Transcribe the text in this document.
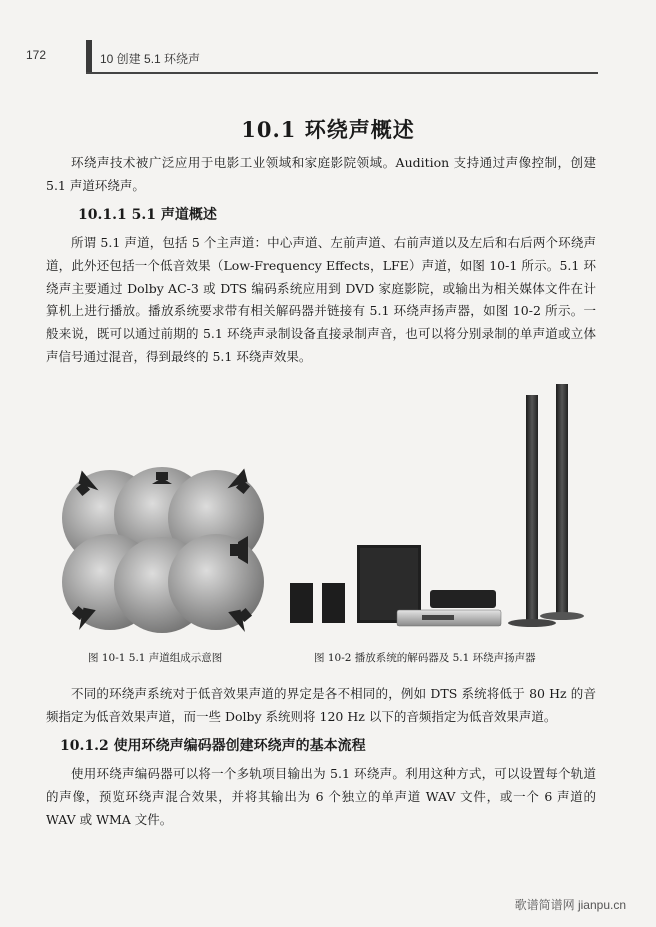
172	10 创建 5.1 环绕声
10.1 环绕声概述

环绕声技术被广泛应用于电影工业领域和家庭影院领域。Audition 支持通过声像控制，创建 5.1 声道环绕声。

10.1.1 5.1 声道概述

所谓 5.1 声道，包括 5 个主声道：中心声道、左前声道、右前声道以及左后和右后两个环绕声道，此外还包括一个低音效果（Low-Frequency Effects，LFE）声道，如图 10-1 所示。5.1 环绕声主要通过 Dolby AC-3 或 DTS 编码系统应用到 DVD 家庭影院，或输出为相关媒体文件在计算机上进行播放。播放系统要求带有相关解码器并链接有 5.1 环绕声扬声器，如图 10-2 所示。一般来说，既可以通过前期的 5.1 环绕声录制设备直接录制声音，也可以将分别录制的单声道或立体声信号通过混音，得到最终的 5.1 环绕声效果。

图 10-1 5.1 声道组成示意图	图 10-2 播放系统的解码器及 5.1 环绕声扬声器

不同的环绕声系统对于低音效果声道的界定是各不相同的，例如 DTS 系统将低于 80 Hz 的音频指定为低音效果声道，而一些 Dolby 系统则将 120 Hz 以下的音频指定为低音效果声道。

10.1.2 使用环绕声编码器创建环绕声的基本流程

使用环绕声编码器可以将一个多轨项目输出为 5.1 环绕声。利用这种方式，可以设置每个轨道的声像，预览环绕声混合效果，并将其输出为 6 个独立的单声道 WAV 文件，或一个 6 声道的 WAV 或 WMA 文件。

歌谱简谱网 jianpu.cn
